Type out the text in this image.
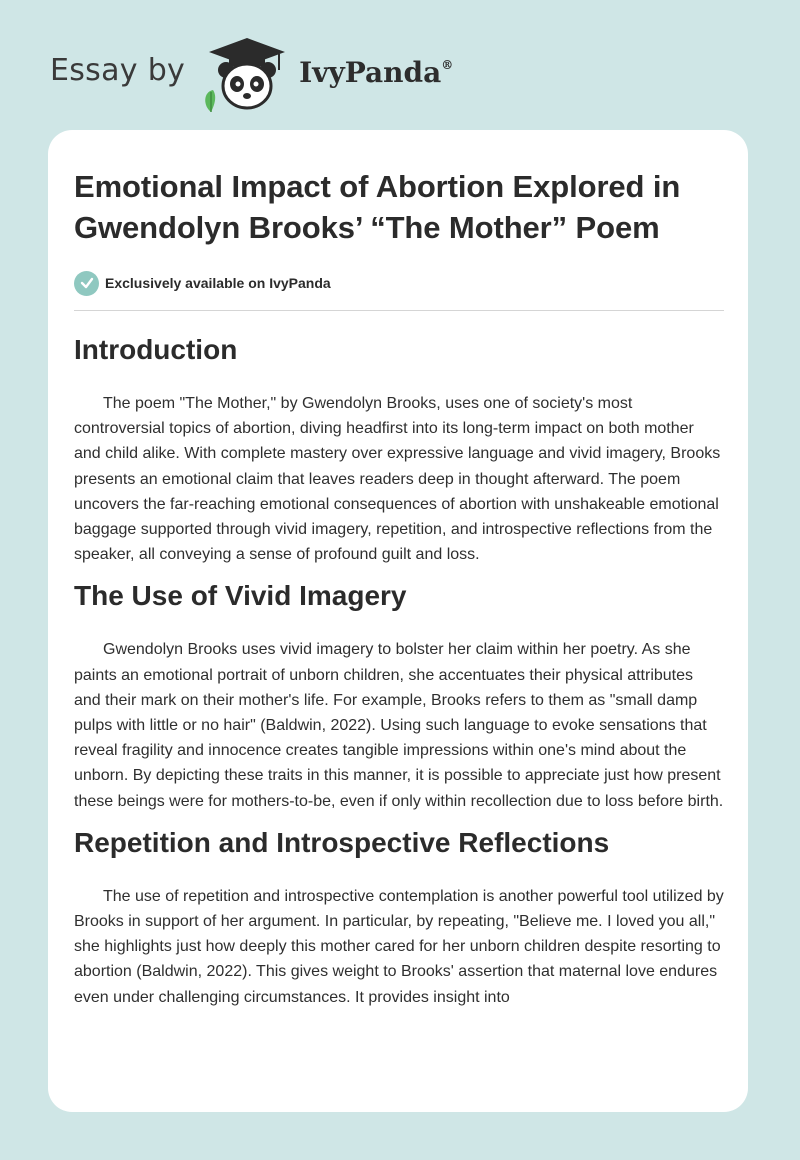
Essay by	IvyPanda®
Emotional Impact of Abortion Explored in Gwendolyn Brooks’ “The Mother” Poem
Exclusively available on IvyPanda
Introduction

The poem "The Mother," by Gwendolyn Brooks, uses one of society's most controversial topics of abortion, diving headfirst into its long-term impact on both mother and child alike. With complete mastery over expressive language and vivid imagery, Brooks presents an emotional claim that leaves readers deep in thought afterward. The poem uncovers the far-reaching emotional consequences of abortion with unshakeable emotional baggage supported through vivid imagery, repetition, and introspective reflections from the speaker, all conveying a sense of profound guilt and loss.

The Use of Vivid Imagery

Gwendolyn Brooks uses vivid imagery to bolster her claim within her poetry. As she paints an emotional portrait of unborn children, she accentuates their physical attributes and their mark on their mother's life. For example, Brooks refers to them as "small damp pulps with little or no hair" (Baldwin, 2022). Using such language to evoke sensations that reveal fragility and innocence creates tangible impressions within one's mind about the unborn. By depicting these traits in this manner, it is possible to appreciate just how present these beings were for mothers-to-be, even if only within recollection due to loss before birth.

Repetition and Introspective Reflections

The use of repetition and introspective contemplation is another powerful tool utilized by Brooks in support of her argument. In particular, by repeating, "Believe me. I loved you all," she highlights just how deeply this mother cared for her unborn children despite resorting to abortion (Baldwin, 2022). This gives weight to Brooks' assertion that maternal love endures even under challenging circumstances. It provides insight into
